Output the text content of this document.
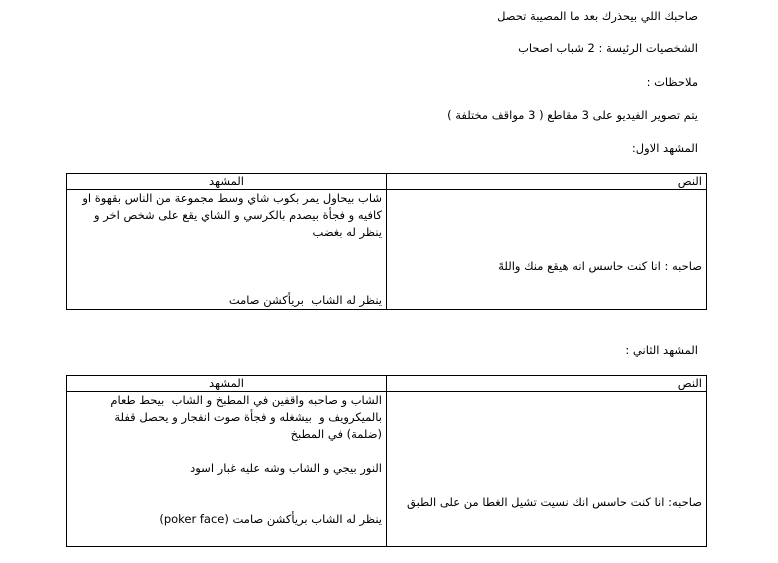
صاحبك اللي بيحذرك بعد ما المصيبة تحصل
الشخصيات الرئيسة : 2 شباب اصحاب
ملاحظات :
يتم تصوير الفيديو على 3 مقاطع ( 3 مواقف مختلفة )
المشهد الاول:
النص	المشهد

صاحبه : انا كنت حاسس انه هيقع منك واللهً	شاب بيحاول يمر بكوب شاي وسط مجموعة من الناس بقهوة او
كافيه و فجأة بيصدم بالكرسي و الشاي يقع على شخص اخر و
ينظر له بغضب
ينظر له الشاب  بريأكشن صامت
المشهد الثاني :
النص	المشهد

صاحبه: انا كنت حاسس انك نسيت تشيل الغطا من على الطبق	الشاب و صاحبه واقفين في المطبخ و الشاب  بيحط طعام
بالميكرويف و  بيشغله و فجأة صوت انفجار و يحصل قفلة
(ضلمة) في المطبخ
النور بيجي و الشاب وشه عليه غبار اسود
ينظر له الشاب بريأكشن صامت (poker face)
